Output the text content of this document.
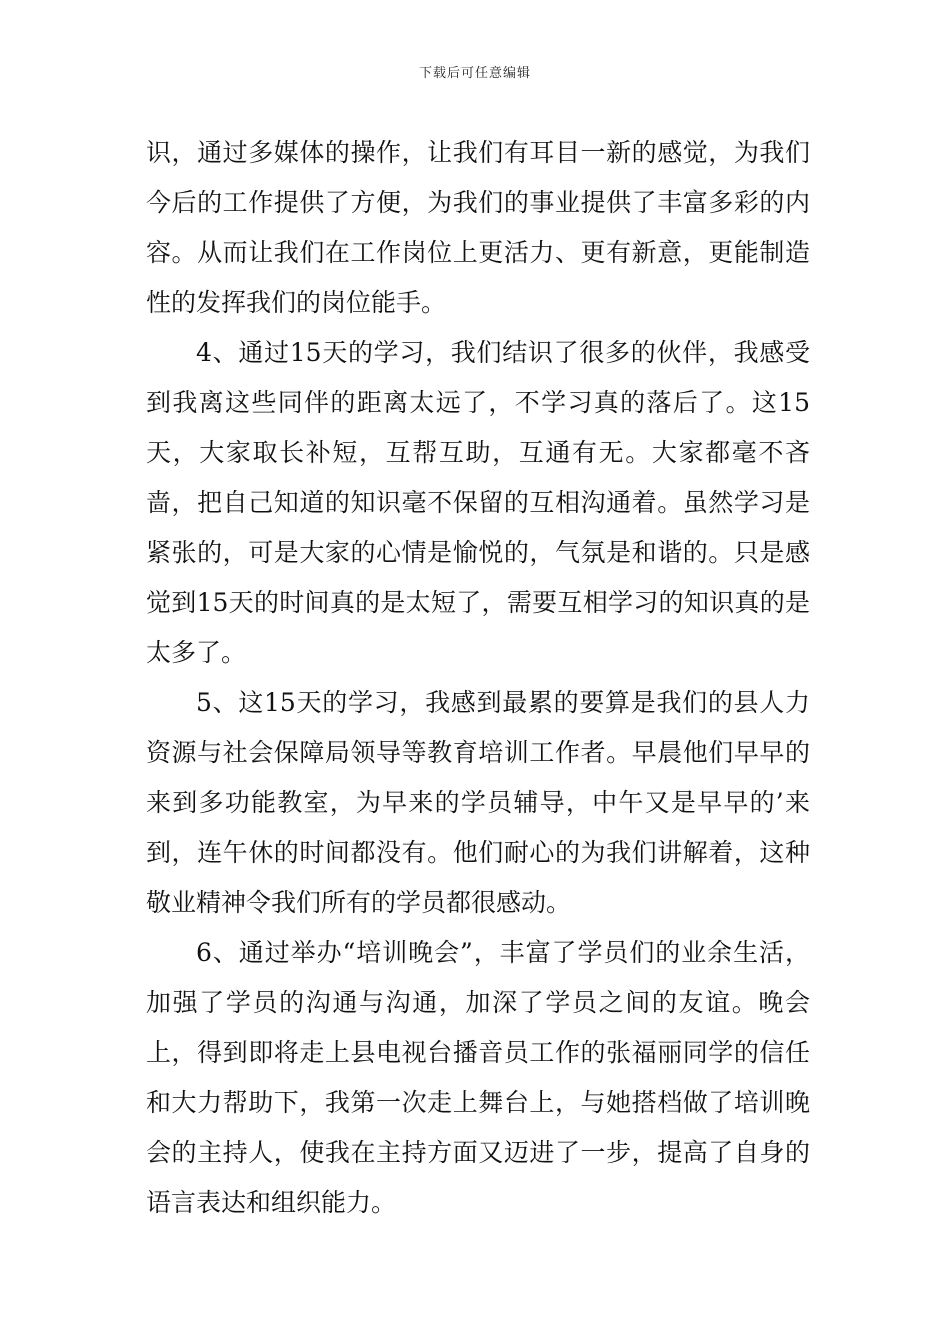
下载后可任意编辑

识，通过多媒体的操作，让我们有耳目一新的感觉，为我们今后的工作提供了方便，为我们的事业提供了丰富多彩的内容。从而让我们在工作岗位上更活力、更有新意，更能制造性的发挥我们的岗位能手。

4、通过15天的学习，我们结识了很多的伙伴，我感受到我离这些同伴的距离太远了，不学习真的落后了。这15天，大家取长补短，互帮互助，互通有无。大家都毫不吝啬，把自己知道的知识毫不保留的互相沟通着。虽然学习是紧张的，可是大家的心情是愉悦的，气氛是和谐的。只是感觉到15天的时间真的是太短了，需要互相学习的知识真的是太多了。

5、这15天的学习，我感到最累的要算是我们的县人力资源与社会保障局领导等教育培训工作者。早晨他们早早的来到多功能教室，为早来的学员辅导，中午又是早早的’来到，连午休的时间都没有。他们耐心的为我们讲解着，这种敬业精神令我们所有的学员都很感动。

6、通过举办“培训晚会”，丰富了学员们的业余生活，加强了学员的沟通与沟通，加深了学员之间的友谊。晚会上，得到即将走上县电视台播音员工作的张福丽同学的信任和大力帮助下，我第一次走上舞台上，与她搭档做了培训晚会的主持人，使我在主持方面又迈进了一步，提高了自身的语言表达和组织能力。
